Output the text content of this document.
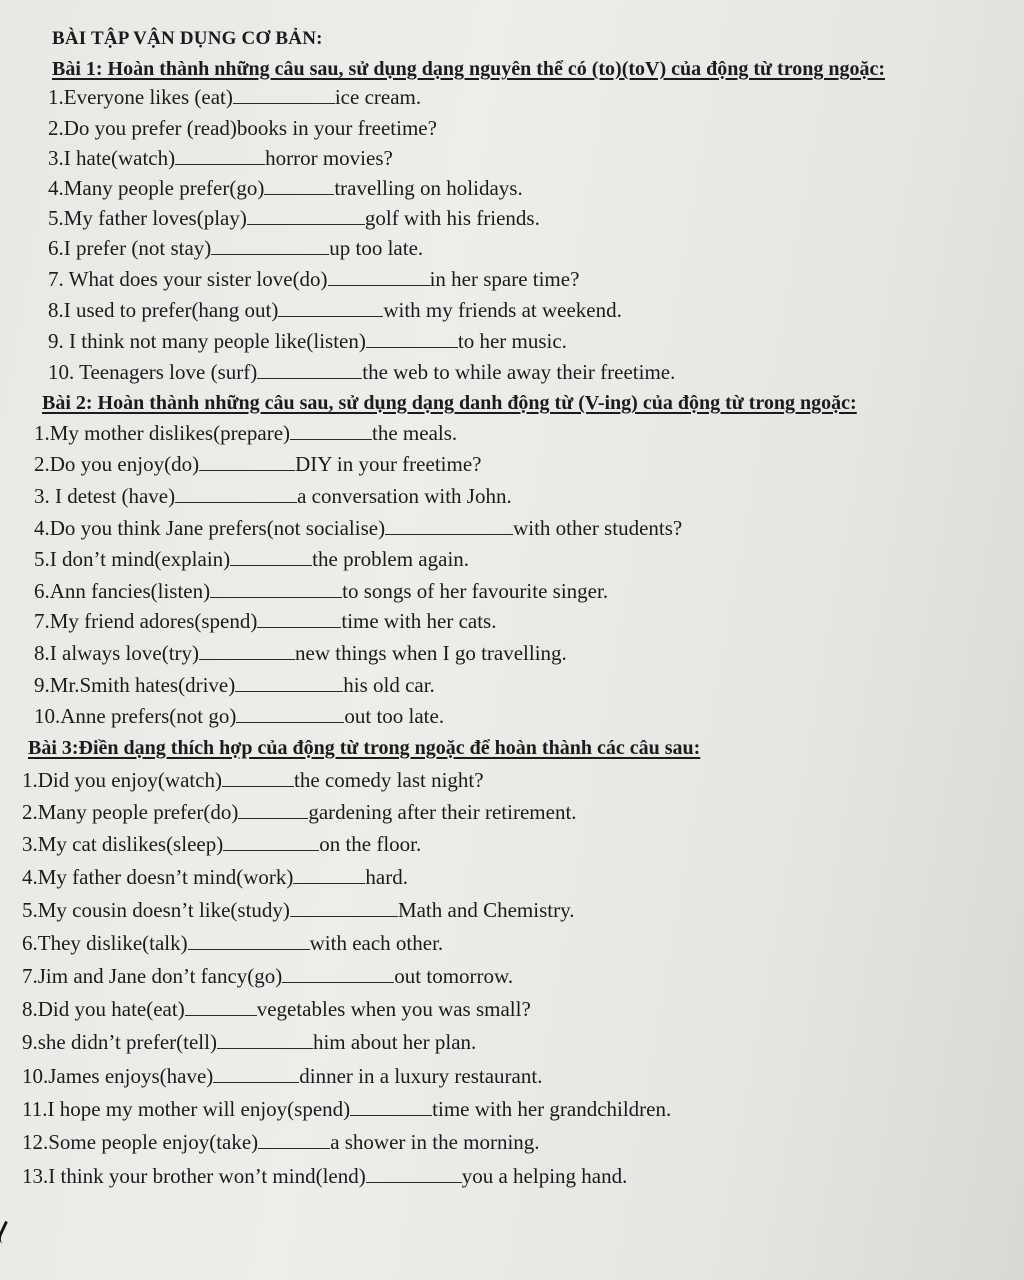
BÀI TẬP VẬN DỤNG CƠ BẢN:
Bài 1: Hoàn thành những câu sau, sử dụng dạng nguyên thể có (to)(toV) của động từ trong ngoặc:
1.Everyone likes (eat)	ice cream.
2.Do you prefer (read)books in your freetime?
3.I hate(watch)	horror movies?
4.Many people prefer(go)	travelling on holidays.
5.My father loves(play)	golf with his friends.
6.I prefer (not stay)	up too late.
7. What does your sister love(do)	in her spare time?
8.I used to prefer(hang out)	with my friends at weekend.
9. I think not many people like(listen)	to her music.
10. Teenagers love (surf)	the web to while away their freetime.
Bài 2: Hoàn thành những câu sau, sử dụng dạng danh động từ (V-ing) của động từ trong ngoặc:
1.My mother dislikes(prepare)	the meals.
2.Do you enjoy(do)	DIY in your freetime?
3. I detest (have)	a conversation with John.
4.Do you think Jane prefers(not socialise)	with other students?
5.I don’t mind(explain)	the problem again.
6.Ann fancies(listen)	to songs of her favourite singer.
7.My friend adores(spend)	time with her cats.
8.I always love(try)	new things when I go travelling.
9.Mr.Smith hates(drive)	his old car.
10.Anne prefers(not go)	out too late.
Bài 3:Điền dạng thích hợp của động từ trong ngoặc để hoàn thành các câu sau:
1.Did you enjoy(watch)	the comedy last night?
2.Many people prefer(do)	gardening after their retirement.
3.My cat dislikes(sleep)	on the floor.
4.My father doesn’t mind(work)	hard.
5.My cousin doesn’t like(study)	Math and Chemistry.
6.They dislike(talk)	with each other.
7.Jim and Jane don’t fancy(go)	out tomorrow.
8.Did you hate(eat)	vegetables when you was small?
9.she didn’t prefer(tell)	him about her plan.
10.James enjoys(have)	dinner in a luxury restaurant.
11.I hope my mother will enjoy(spend)	time with her grandchildren.
12.Some people enjoy(take)	a shower in the morning.
13.I think your brother won’t mind(lend)	you a helping hand.
